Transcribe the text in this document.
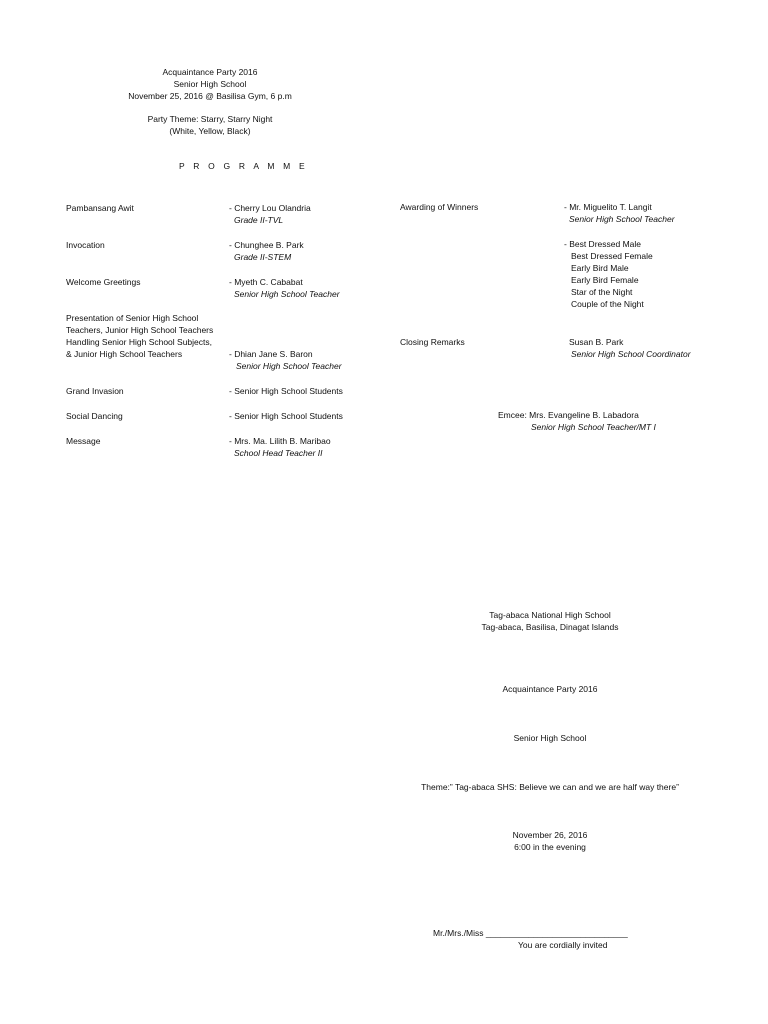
Acquaintance Party 2016
Senior High School
November 25, 2016 @ Basilisa Gym, 6 p.m
Party Theme: Starry, Starry Night
(White, Yellow, Black)
P R O G R A M M E
Pambansang Awit	- Cherry Lou Olandria
Grade II-TVL
Invocation	- Chunghee B. Park
Grade II-STEM
Welcome Greetings	- Myeth C. Cababat
Senior High School Teacher
Presentation of Senior High School
Teachers, Junior High School Teachers
Handling Senior High School Subjects,
& Junior High School Teachers	- Dhian Jane S. Baron
Senior High School Teacher
Grand Invasion	- Senior High School Students
Social Dancing	- Senior High School Students
Message	- Mrs. Ma. Lilith B. Maribao
School Head Teacher II
Awarding of Winners	- Mr. Miguelito T. Langit
Senior High School Teacher
- Best Dressed Male
Best Dressed Female
Early Bird Male
Early Bird Female
Star of the Night
Couple of the Night
Closing Remarks	Susan B. Park
Senior High School Coordinator
Emcee: Mrs. Evangeline B. Labadora
Senior High School Teacher/MT I
Tag-abaca National High School
Tag-abaca, Basilisa, Dinagat Islands
Acquaintance Party 2016
Senior High School
Theme:” Tag-abaca SHS: Believe we can and we are half way there”
November 26, 2016
6:00 in the evening
Mr./Mrs./Miss ______________________________
You are cordially invited
